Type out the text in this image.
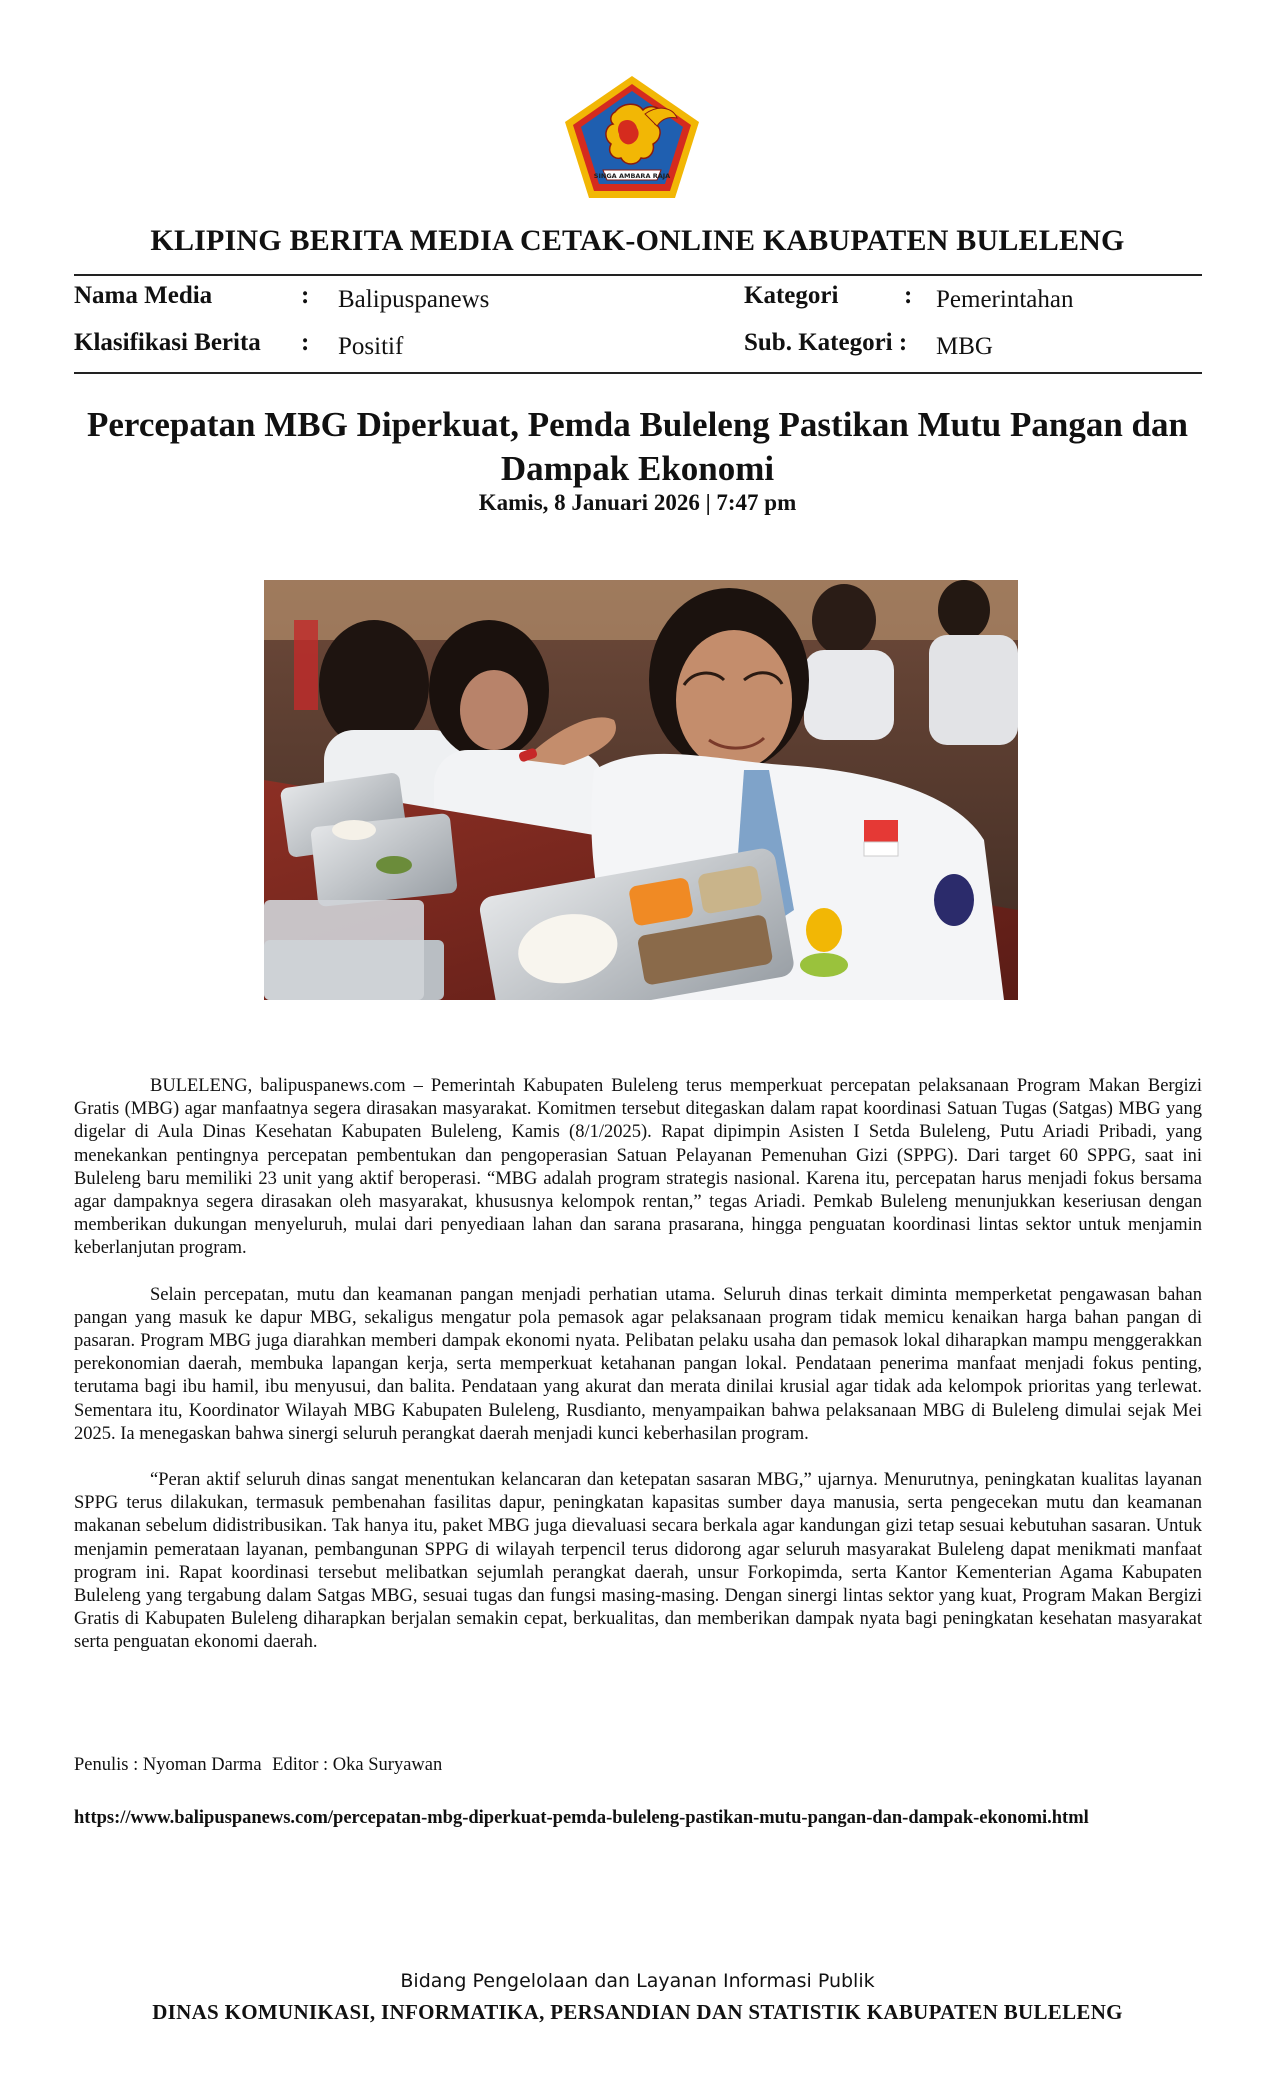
SINGA AMBARA RAJA
KLIPING BERITA MEDIA CETAK-ONLINE KABUPATEN BULELENG
Nama Media	: Balipuspanews	Kategori	: Pemerintahan
Klasifikasi Berita : Positif	Sub. Kategori : MBG
Percepatan MBG Diperkuat, Pemda Buleleng Pastikan Mutu Pangan dan Dampak Ekonomi
Kamis, 8 Januari 2026 | 7:47 pm

BULELENG, balipuspanews.com – Pemerintah Kabupaten Buleleng terus memperkuat percepatan pelaksanaan Program Makan Bergizi Gratis (MBG) agar manfaatnya segera dirasakan masyarakat. Komitmen tersebut ditegaskan dalam rapat koordinasi Satuan Tugas (Satgas) MBG yang digelar di Aula Dinas Kesehatan Kabupaten Buleleng, Kamis (8/1/2025). Rapat dipimpin Asisten I Setda Buleleng, Putu Ariadi Pribadi, yang menekankan pentingnya percepatan pembentukan dan pengoperasian Satuan Pelayanan Pemenuhan Gizi (SPPG). Dari target 60 SPPG, saat ini Buleleng baru memiliki 23 unit yang aktif beroperasi. “MBG adalah program strategis nasional. Karena itu, percepatan harus menjadi fokus bersama agar dampaknya segera dirasakan oleh masyarakat, khususnya kelompok rentan,” tegas Ariadi. Pemkab Buleleng menunjukkan keseriusan dengan memberikan dukungan menyeluruh, mulai dari penyediaan lahan dan sarana prasarana, hingga penguatan koordinasi lintas sektor untuk menjamin keberlanjutan program.

Selain percepatan, mutu dan keamanan pangan menjadi perhatian utama. Seluruh dinas terkait diminta memperketat pengawasan bahan pangan yang masuk ke dapur MBG, sekaligus mengatur pola pemasok agar pelaksanaan program tidak memicu kenaikan harga bahan pangan di pasaran. Program MBG juga diarahkan memberi dampak ekonomi nyata. Pelibatan pelaku usaha dan pemasok lokal diharapkan mampu menggerakkan perekonomian daerah, membuka lapangan kerja, serta memperkuat ketahanan pangan lokal. Pendataan penerima manfaat menjadi fokus penting, terutama bagi ibu hamil, ibu menyusui, dan balita. Pendataan yang akurat dan merata dinilai krusial agar tidak ada kelompok prioritas yang terlewat. Sementara itu, Koordinator Wilayah MBG Kabupaten Buleleng, Rusdianto, menyampaikan bahwa pelaksanaan MBG di Buleleng dimulai sejak Mei 2025. Ia menegaskan bahwa sinergi seluruh perangkat daerah menjadi kunci keberhasilan program.

“Peran aktif seluruh dinas sangat menentukan kelancaran dan ketepatan sasaran MBG,” ujarnya. Menurutnya, peningkatan kualitas layanan SPPG terus dilakukan, termasuk pembenahan fasilitas dapur, peningkatan kapasitas sumber daya manusia, serta pengecekan mutu dan keamanan makanan sebelum didistribusikan. Tak hanya itu, paket MBG juga dievaluasi secara berkala agar kandungan gizi tetap sesuai kebutuhan sasaran. Untuk menjamin pemerataan layanan, pembangunan SPPG di wilayah terpencil terus didorong agar seluruh masyarakat Buleleng dapat menikmati manfaat program ini. Rapat koordinasi tersebut melibatkan sejumlah perangkat daerah, unsur Forkopimda, serta Kantor Kementerian Agama Kabupaten Buleleng yang tergabung dalam Satgas MBG, sesuai tugas dan fungsi masing-masing. Dengan sinergi lintas sektor yang kuat, Program Makan Bergizi Gratis di Kabupaten Buleleng diharapkan berjalan semakin cepat, berkualitas, dan memberikan dampak nyata bagi peningkatan kesehatan masyarakat serta penguatan ekonomi daerah.

Penulis : Nyoman Darma Editor : Oka Suryawan
https://www.balipuspanews.com/percepatan-mbg-diperkuat-pemda-buleleng-pastikan-mutu-pangan-dan-dampak-ekonomi.html
Bidang Pengelolaan dan Layanan Informasi Publik
DINAS KOMUNIKASI, INFORMATIKA, PERSANDIAN DAN STATISTIK KABUPATEN BULELENG
